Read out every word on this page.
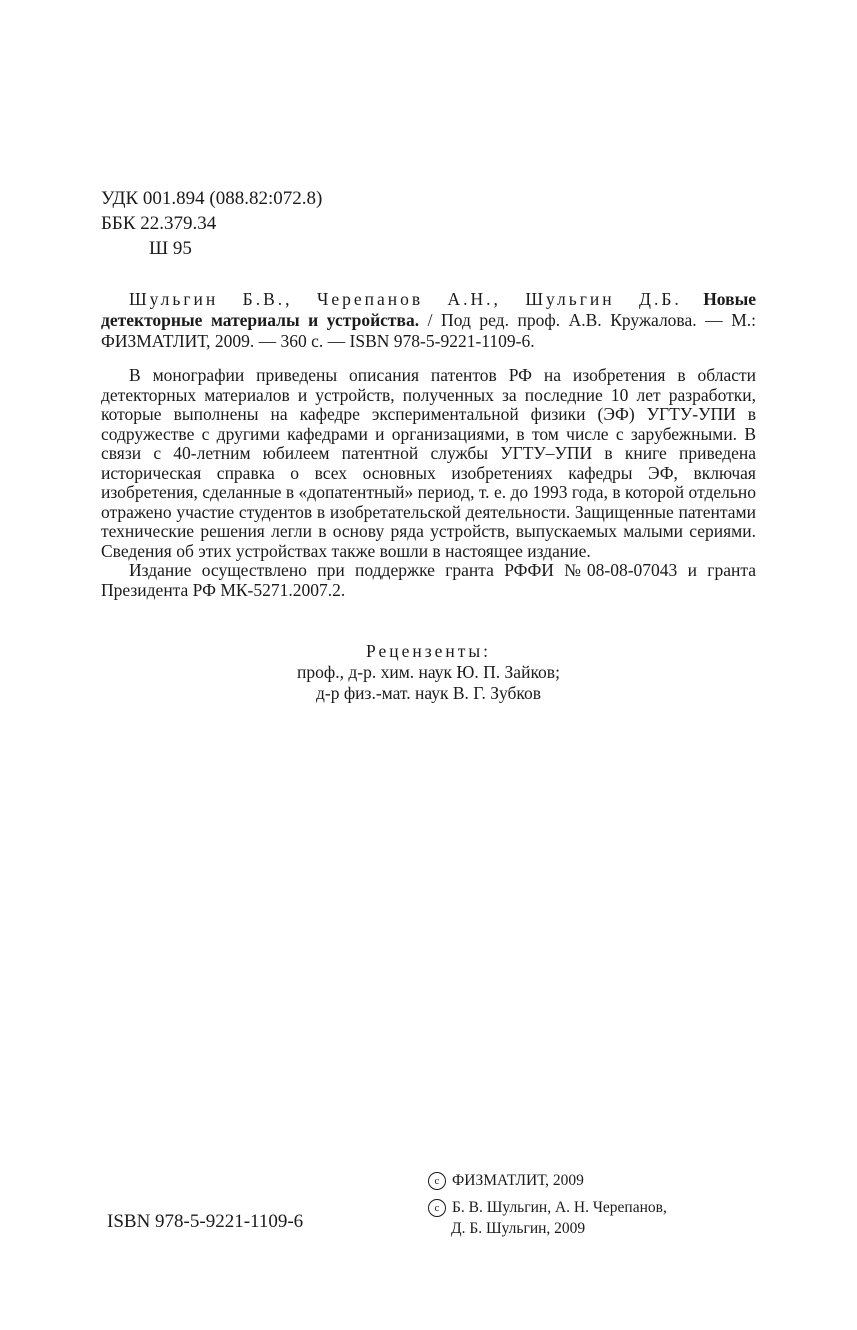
УДК 001.894 (088.82:072.8)
ББК 22.379.34
Ш 95
Шульгин Б.В., Черепанов А.Н., Шульгин Д.Б. Новые детекторные материалы и устройства. / Под ред. проф. А.В. Кружалова. — М.: ФИЗМАТЛИТ, 2009. — 360 с. — ISBN 978-5-9221-1109-6.

В монографии приведены описания патентов РФ на изобретения в области детекторных материалов и устройств, полученных за последние 10 лет разработки, которые выполнены на кафедре экспериментальной физики (ЭФ) УГТУ-УПИ в содружестве с другими кафедрами и организациями, в том числе с зарубежными. В связи с 40-летним юбилеем патентной службы УГТУ–УПИ в книге приведена историческая справка о всех основных изобретениях кафедры ЭФ, включая изобретения, сделанные в «допатентный» период, т. е. до 1993 года, в которой отдельно отражено участие студентов в изобретательской деятельности. Защищенные патентами технические решения легли в основу ряда устройств, выпускаемых малыми сериями. Сведения об этих устройствах также вошли в настоящее издание.

Издание осуществлено при поддержке гранта РФФИ №08-08-07043 и гранта Президента РФ МК-5271.2007.2.

Рецензенты:
проф., д-р. хим. наук Ю. П. Зайков;
д-р физ.-мат. наук В. Г. Зубков
ISBN 978-5-9221-1109-6
c ФИЗМАТЛИТ, 2009
c Б. В. Шульгин, А. Н. Черепанов,
Д. Б. Шульгин, 2009
